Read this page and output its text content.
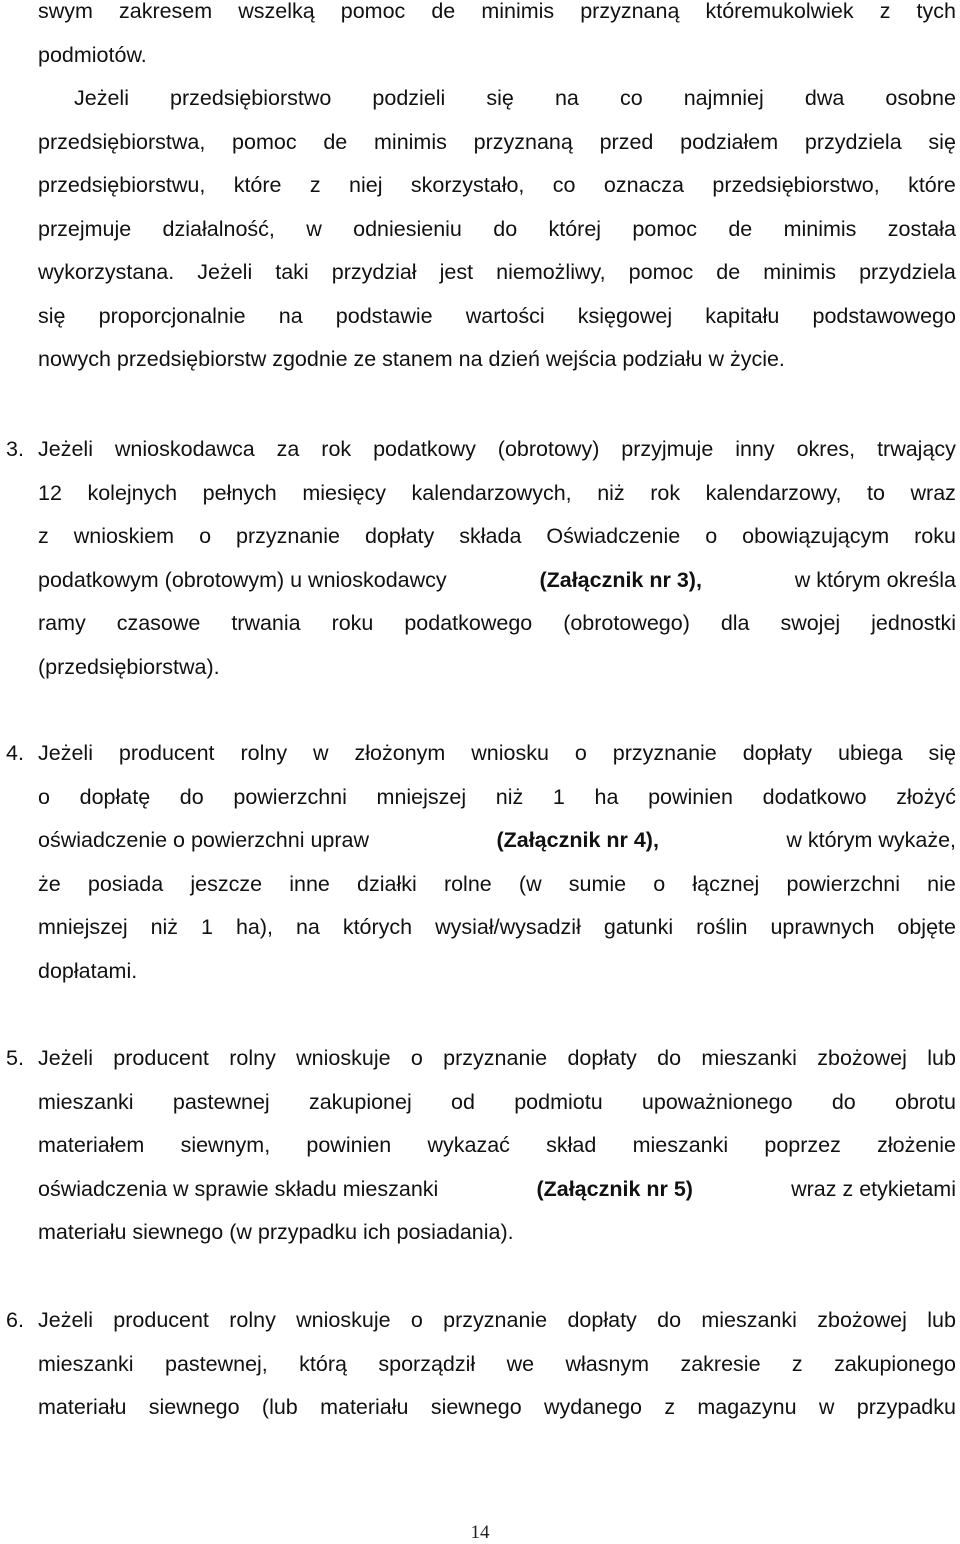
swym zakresem wszelką pomoc de minimis przyznaną któremukolwiek z tych
podmiotów.
Jeżeli przedsiębiorstwo podzieli się na co najmniej dwa osobne
przedsiębiorstwa, pomoc de minimis przyznaną przed podziałem przydziela się
przedsiębiorstwu, które z niej skorzystało, co oznacza przedsiębiorstwo, które
przejmuje działalność, w odniesieniu do której pomoc de minimis została
wykorzystana. Jeżeli taki przydział jest niemożliwy, pomoc de minimis przydziela
się proporcjonalnie na podstawie wartości księgowej kapitału podstawowego
nowych przedsiębiorstw zgodnie ze stanem na dzień wejścia podziału w życie.
3. Jeżeli wnioskodawca za rok podatkowy (obrotowy) przyjmuje inny okres, trwający
12 kolejnych pełnych miesięcy kalendarzowych, niż rok kalendarzowy, to wraz
z wnioskiem o przyznanie dopłaty składa Oświadczenie o obowiązującym roku
podatkowym (obrotowym) u wnioskodawcy	(Załącznik nr 3),	w którym określa
ramy czasowe trwania roku podatkowego (obrotowego) dla swojej jednostki
(przedsiębiorstwa).
4. Jeżeli producent rolny w złożonym wniosku o przyznanie dopłaty ubiega się
o dopłatę do powierzchni mniejszej niż 1 ha powinien dodatkowo złożyć
oświadczenie o powierzchni upraw	(Załącznik nr 4),	w którym wykaże,
że posiada jeszcze inne działki rolne (w sumie o łącznej powierzchni nie
mniejszej niż 1 ha), na których wysiał/wysadził gatunki roślin uprawnych objęte
dopłatami.
5. Jeżeli producent rolny wnioskuje o przyznanie dopłaty do mieszanki zbożowej lub
mieszanki pastewnej zakupionej od podmiotu upoważnionego do obrotu
materiałem siewnym, powinien wykazać skład mieszanki poprzez złożenie
oświadczenia w sprawie składu mieszanki	(Załącznik nr 5)	wraz z etykietami
materiału siewnego (w przypadku ich posiadania).
6. Jeżeli producent rolny wnioskuje o przyznanie dopłaty do mieszanki zbożowej lub
mieszanki pastewnej, którą sporządził we własnym zakresie z zakupionego
materiału siewnego (lub materiału siewnego wydanego z magazynu w przypadku
14
